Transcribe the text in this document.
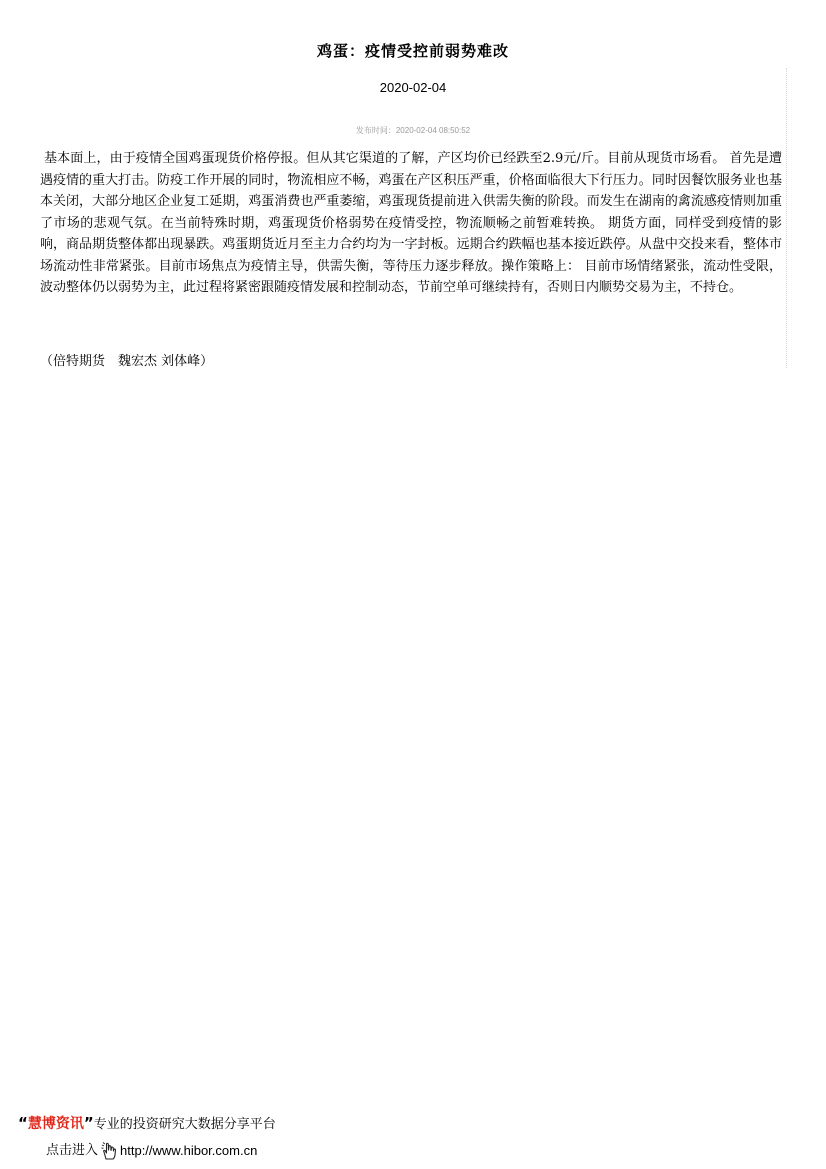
鸡蛋：疫情受控前弱势难改
2020-02-04
发布时间：2020-02-04 08:50:52
基本面上，由于疫情全国鸡蛋现货价格停报。但从其它渠道的了解，产区均价已经跌至2.9元/斤。目前从现货市场看。 首先是遭遇疫情的重大打击。防疫工作开展的同时，物流相应不畅，鸡蛋在产区积压严重，价格面临很大下行压力。同时因餐饮服务业也基本关闭，大部分地区企业复工延期，鸡蛋消费也严重萎缩，鸡蛋现货提前进入供需失衡的阶段。而发生在湖南的禽流感疫情则加重了市场的悲观气氛。在当前特殊时期，鸡蛋现货价格弱势在疫情受控，物流顺畅之前暂难转换。 期货方面，同样受到疫情的影响，商品期货整体都出现暴跌。鸡蛋期货近月至主力合约均为一字封板。远期合约跌幅也基本接近跌停。从盘中交投来看，整体市场流动性非常紧张。目前市场焦点为疫情主导，供需失衡，等待压力逐步释放。操作策略上： 目前市场情绪紧张，流动性受限，波动整体仍以弱势为主，此过程将紧密跟随疫情发展和控制动态，节前空单可继续持有，否则日内顺势交易为主，不持仓。
（倍特期货　魏宏杰 刘体峰）
“慧博资讯”专业的投资研究大数据分享平台
点击进入 http://www.hibor.com.cn
